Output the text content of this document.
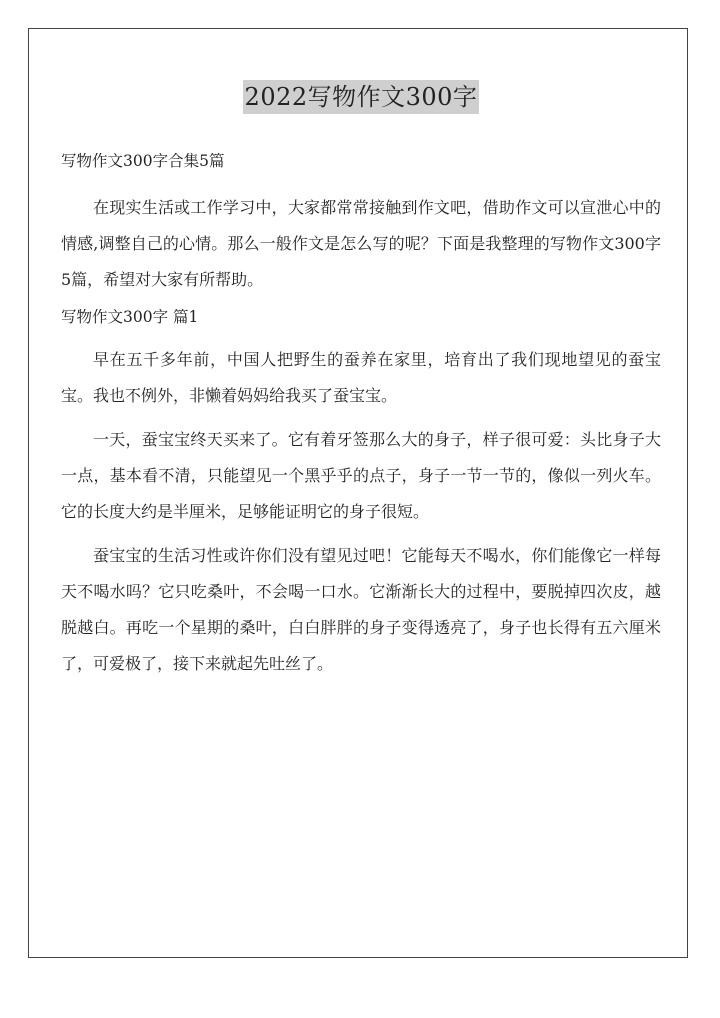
2022写物作文300字

写物作文300字合集5篇

在现实生活或工作学习中，大家都常常接触到作文吧，借助作文可以宣泄心中的情感,调整自己的心情。那么一般作文是怎么写的呢？下面是我整理的写物作文300字5篇，希望对大家有所帮助。

写物作文300字 篇1

早在五千多年前，中国人把野生的蚕养在家里，培育出了我们现地望见的蚕宝宝。我也不例外，非懒着妈妈给我买了蚕宝宝。

一天，蚕宝宝终天买来了。它有着牙签那么大的身子，样子很可爱：头比身子大一点，基本看不清，只能望见一个黑乎乎的点子，身子一节一节的，像似一列火车。它的长度大约是半厘米，足够能证明它的身子很短。

蚕宝宝的生活习性或许你们没有望见过吧！它能每天不喝水，你们能像它一样每天不喝水吗？它只吃桑叶，不会喝一口水。它渐渐长大的过程中，要脱掉四次皮，越脱越白。再吃一个星期的桑叶，白白胖胖的身子变得透亮了，身子也长得有五六厘米了，可爱极了，接下来就起先吐丝了。
